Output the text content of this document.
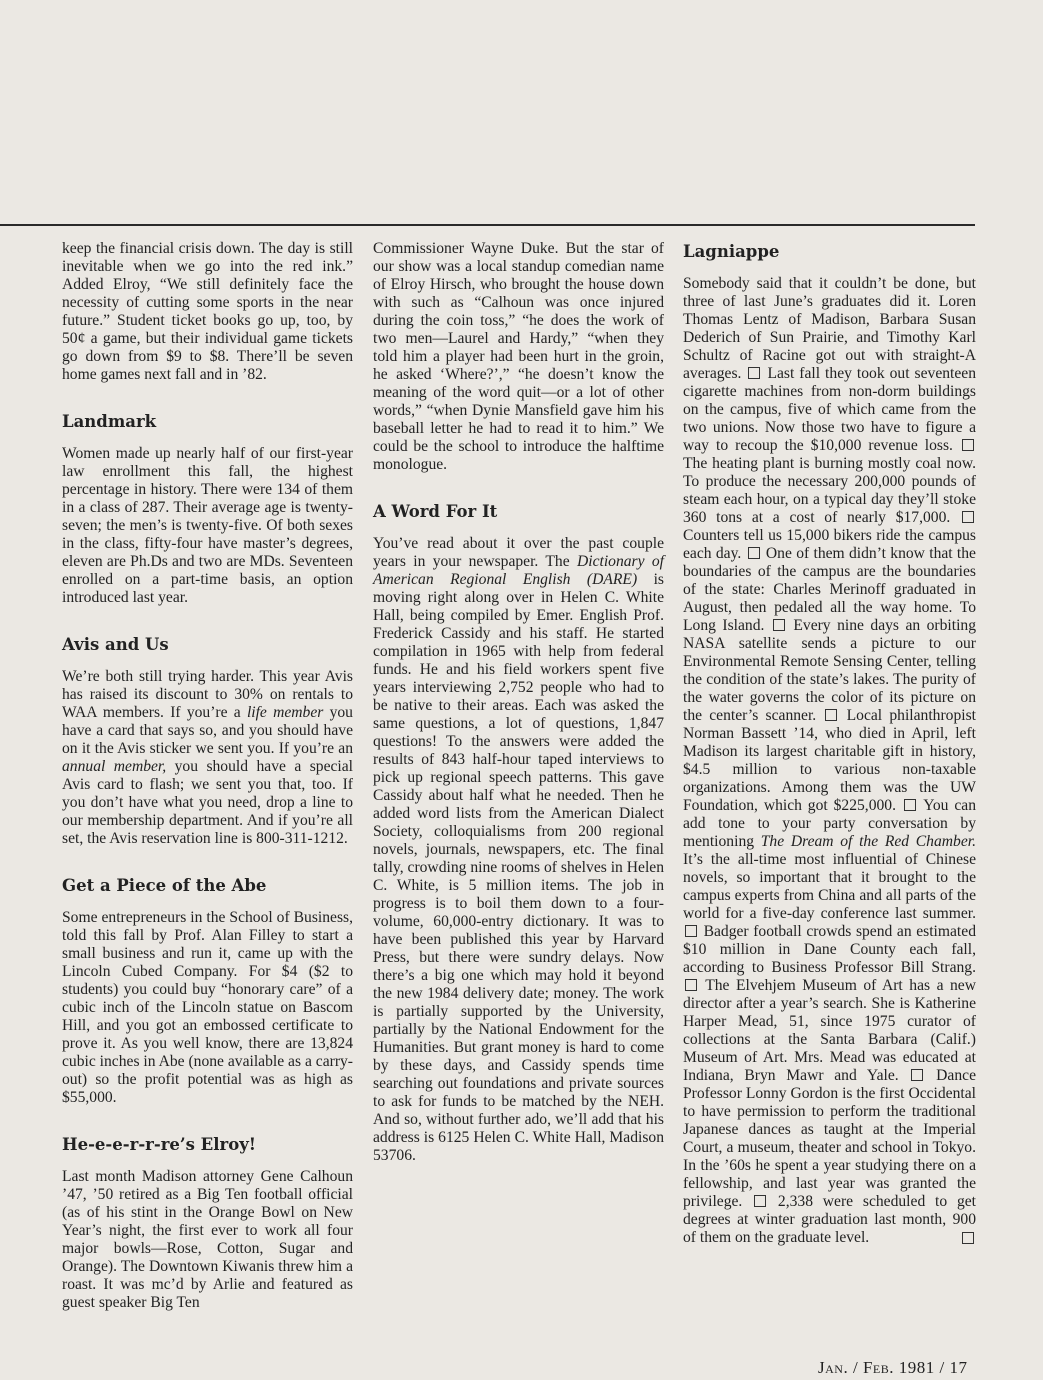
keep the financial crisis down. The day is still inevitable when we go into the red ink.” Added Elroy, “We still definitely face the necessity of cutting some sports in the near future.” Student ticket books go up, too, by 50¢ a game, but their individual game tickets go down from $9 to $8. There’ll be seven home games next fall and in ’82.

Landmark

Women made up nearly half of our first-year law enrollment this fall, the highest percentage in history. There were 134 of them in a class of 287. Their average age is twenty-seven; the men’s is twenty-five. Of both sexes in the class, fifty-four have master’s degrees, eleven are Ph.Ds and two are MDs. Seventeen enrolled on a part-time basis, an option introduced last year.

Avis and Us

We’re both still trying harder. This year Avis has raised its discount to 30% on rentals to WAA members. If you’re a life member you have a card that says so, and you should have on it the Avis sticker we sent you. If you’re an annual member, you should have a special Avis card to flash; we sent you that, too. If you don’t have what you need, drop a line to our membership department. And if you’re all set, the Avis reservation line is 800-311-1212.

Get a Piece of the Abe

Some entrepreneurs in the School of Business, told this fall by Prof. Alan Filley to start a small business and run it, came up with the Lincoln Cubed Company. For $4 ($2 to students) you could buy “honorary care” of a cubic inch of the Lincoln statue on Bascom Hill, and you got an embossed certificate to prove it. As you well know, there are 13,824 cubic inches in Abe (none available as a carry-out) so the profit potential was as high as $55,000.

He-e-e-r-r-re’s Elroy!

Last month Madison attorney Gene Calhoun ’47, ’50 retired as a Big Ten football official (as of his stint in the Orange Bowl on New Year’s night, the first ever to work all four major bowls—Rose, Cotton, Sugar and Orange). The Downtown Kiwanis threw him a roast. It was mc’d by Arlie and featured as guest speaker Big Ten

Commissioner Wayne Duke. But the star of our show was a local standup comedian name of Elroy Hirsch, who brought the house down with such as “Calhoun was once injured during the coin toss,” “he does the work of two men—Laurel and Hardy,” “when they told him a player had been hurt in the groin, he asked ‘Where?’,” “he doesn’t know the meaning of the word quit—or a lot of other words,” “when Dynie Mansfield gave him his baseball letter he had to read it to him.” We could be the school to introduce the halftime monologue.

A Word For It

You’ve read about it over the past couple years in your newspaper. The Dictionary of American Regional English (DARE) is moving right along over in Helen C. White Hall, being compiled by Emer. English Prof. Frederick Cassidy and his staff. He started compilation in 1965 with help from federal funds. He and his field workers spent five years interviewing 2,752 people who had to be native to their areas. Each was asked the same questions, a lot of questions, 1,847 questions! To the answers were added the results of 843 half-hour taped interviews to pick up regional speech patterns. This gave Cassidy about half what he needed. Then he added word lists from the American Dialect Society, colloquialisms from 200 regional novels, journals, newspapers, etc. The final tally, crowding nine rooms of shelves in Helen C. White, is 5 million items. The job in progress is to boil them down to a four-volume, 60,000-entry dictionary. It was to have been published this year by Harvard Press, but there were sundry delays. Now there’s a big one which may hold it beyond the new 1984 delivery date; money. The work is partially supported by the University, partially by the National Endowment for the Humanities. But grant money is hard to come by these days, and Cassidy spends time searching out foundations and private sources to ask for funds to be matched by the NEH. And so, without further ado, we’ll add that his address is 6125 Helen C. White Hall, Madison 53706.

Lagniappe

Somebody said that it couldn’t be done, but three of last June’s graduates did it. Loren Thomas Lentz of Madison, Barbara Susan Dederich of Sun Prairie, and Timothy Karl Schultz of Racine got out with straight-A averages. Last fall they took out seventeen cigarette machines from non-dorm buildings on the campus, five of which came from the two unions. Now those two have to figure a way to recoup the $10,000 revenue loss.  The heating plant is burning mostly coal now. To produce the necessary 200,000 pounds of steam each hour, on a typical day they’ll stoke 360 tons at a cost of nearly $17,000.  Counters tell us 15,000 bikers ride the campus each day. One of them didn’t know that the boundaries of the campus are the boundaries of the state: Charles Merinoff graduated in August, then pedaled all the way home. To Long Island. Every nine days an orbiting NASA satellite sends a picture to our Environmental Remote Sensing Center, telling the condition of the state’s lakes. The purity of the water governs the color of its picture on the center’s scanner. Local philanthropist Norman Bassett ’14, who died in April, left Madison its largest charitable gift in history, $4.5 million to various non-taxable organizations. Among them was the UW Foundation, which got $225,000. You can add tone to your party conversation by mentioning The Dream of the Red Chamber. It’s the all-time most influential of Chinese novels, so important that it brought to the campus experts from China and all parts of the world for a five-day conference last summer.  Badger football crowds spend an estimated $10 million in Dane County each fall, according to Business Professor Bill Strang.  The Elvehjem Museum of Art has a new director after a year’s search. She is Katherine Harper Mead, 51, since 1975 curator of collections at the Santa Barbara (Calif.) Museum of Art. Mrs. Mead was educated at Indiana, Bryn Mawr and Yale. Dance Professor Lonny Gordon is the first Occidental to have permission to perform the traditional Japanese dances as taught at the Imperial Court, a museum, theater and school in Tokyo. In the ’60s he spent a year studying there on a fellowship, and last year was granted the privilege. 2,338 were scheduled to get degrees at winter graduation last month, 900 of them on the graduate level.

Jan. / Feb. 1981 / 17
